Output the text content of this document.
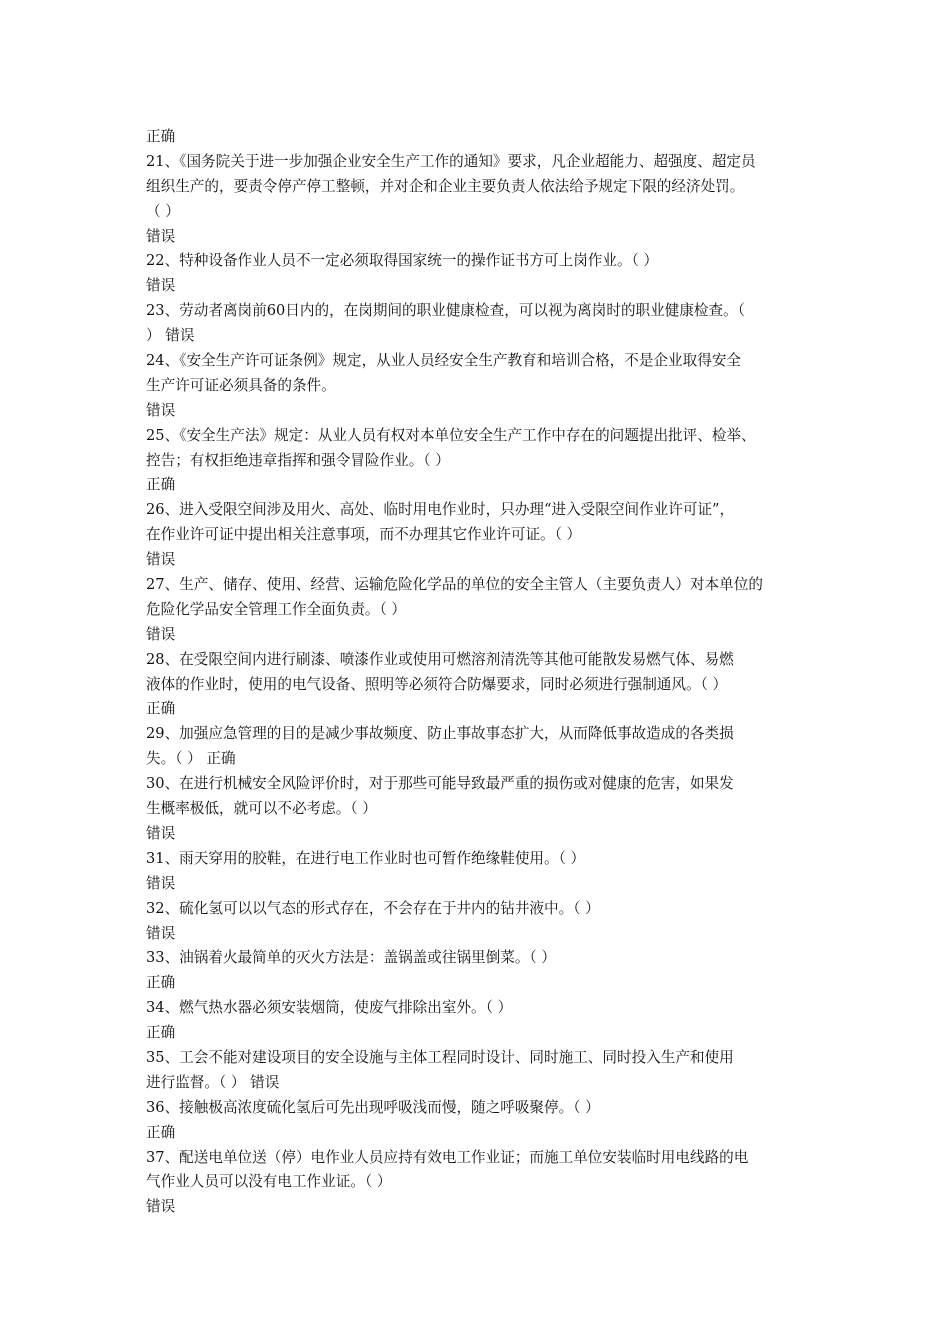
正确
21、《国务院关于进一步加强企业安全生产工作的通知》要求，凡企业超能力、超强度、超定员
组织生产的，要责令停产停工整顿，并对企和企业主要负责人依法给予规定下限的经济处罚。
（ ）
错误
22、特种设备作业人员不一定必须取得国家统一的操作证书方可上岗作业。（ ）
错误
23、劳动者离岗前60日内的，在岗期间的职业健康检查，可以视为离岗时的职业健康检查。（
） 错误
24、《安全生产许可证条例》规定，从业人员经安全生产教育和培训合格，不是企业取得安全
生产许可证必须具备的条件。
错误
25、《安全生产法》规定：从业人员有权对本单位安全生产工作中存在的问题提出批评、检举、
控告；有权拒绝违章指挥和强令冒险作业。（ ）
正确
26、进入受限空间涉及用火、高处、临时用电作业时，只办理“进入受限空间作业许可证”，
在作业许可证中提出相关注意事项，而不办理其它作业许可证。（ ）
错误
27、生产、储存、使用、经营、运输危险化学品的单位的安全主管人（主要负责人）对本单位的
危险化学品安全管理工作全面负责。（ ）
错误
28、在受限空间内进行刷漆、喷漆作业或使用可燃溶剂清洗等其他可能散发易燃气体、易燃
液体的作业时，使用的电气设备、照明等必须符合防爆要求，同时必须进行强制通风。（ ）
正确
29、加强应急管理的目的是减少事故频度、防止事故事态扩大，从而降低事故造成的各类损
失。（ ） 正确
30、在进行机械安全风险评价时，对于那些可能导致最严重的损伤或对健康的危害，如果发
生概率极低，就可以不必考虑。（ ）
错误
31、雨天穿用的胶鞋，在进行电工作业时也可暂作绝缘鞋使用。（ ）
错误
32、硫化氢可以以气态的形式存在，不会存在于井内的钻井液中。（ ）
错误
33、油锅着火最简单的灭火方法是：盖锅盖或往锅里倒菜。（ ）
正确
34、燃气热水器必须安装烟筒，使废气排除出室外。（ ）
正确
35、工会不能对建设项目的安全设施与主体工程同时设计、同时施工、同时投入生产和使用
进行监督。（ ） 错误
36、接触极高浓度硫化氢后可先出现呼吸浅而慢，随之呼吸聚停。（ ）
正确
37、配送电单位送（停）电作业人员应持有效电工作业证；而施工单位安装临时用电线路的电
气作业人员可以没有电工作业证。（ ）
错误
